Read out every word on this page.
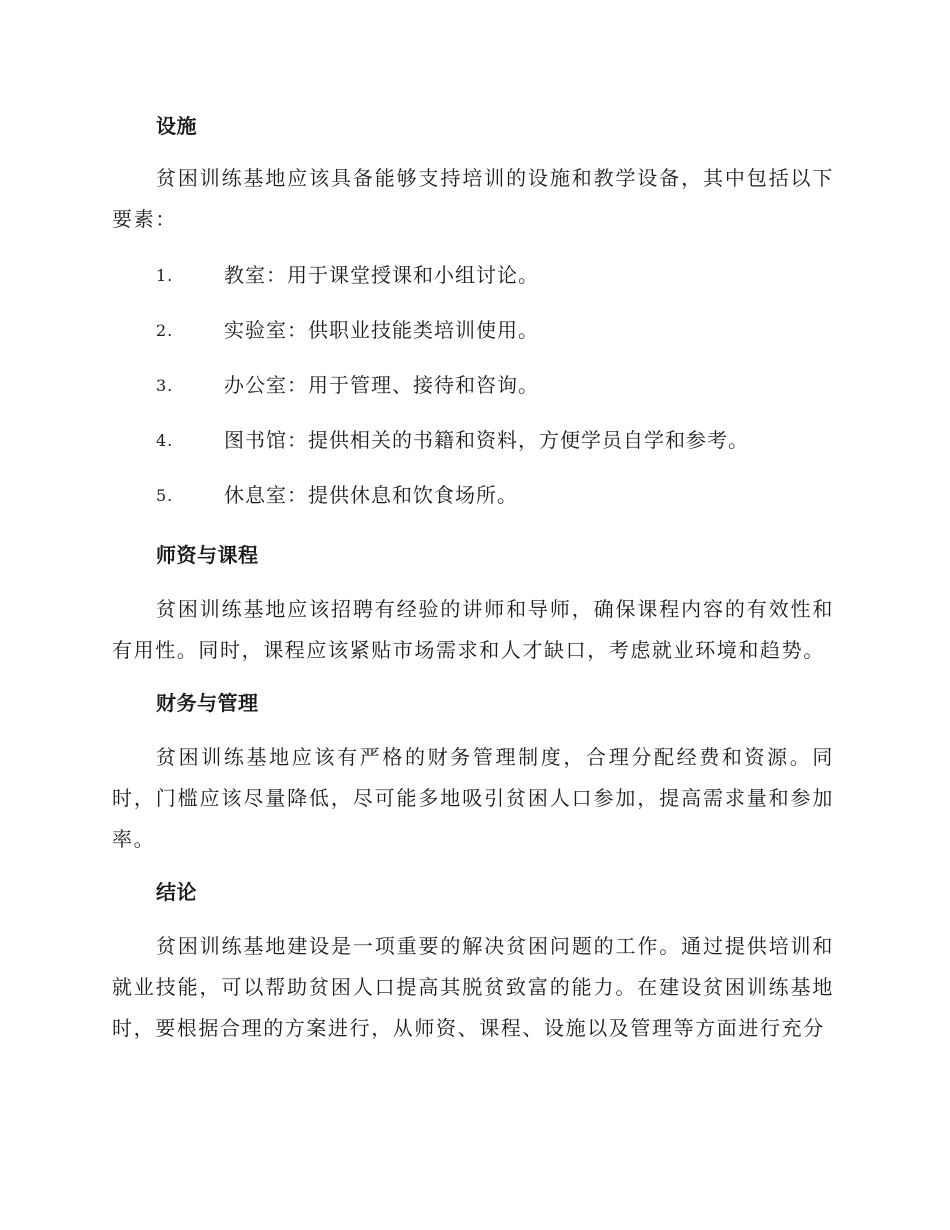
设施

贫困训练基地应该具备能够支持培训的设施和教学设备，其中包括以下要素：

1.	教室：用于课堂授课和小组讨论。
2.	实验室：供职业技能类培训使用。
3.	办公室：用于管理、接待和咨询。
4.	图书馆：提供相关的书籍和资料，方便学员自学和参考。
5.	休息室：提供休息和饮食场所。
师资与课程

贫困训练基地应该招聘有经验的讲师和导师，确保课程内容的有效性和有用性。同时，课程应该紧贴市场需求和人才缺口，考虑就业环境和趋势。

财务与管理

贫困训练基地应该有严格的财务管理制度，合理分配经费和资源。同时，门槛应该尽量降低，尽可能多地吸引贫困人口参加，提高需求量和参加率。

结论

贫困训练基地建设是一项重要的解决贫困问题的工作。通过提供培训和就业技能，可以帮助贫困人口提高其脱贫致富的能力。在建设贫困训练基地时，要根据合理的方案进行，从师资、课程、设施以及管理等方面进行充分
